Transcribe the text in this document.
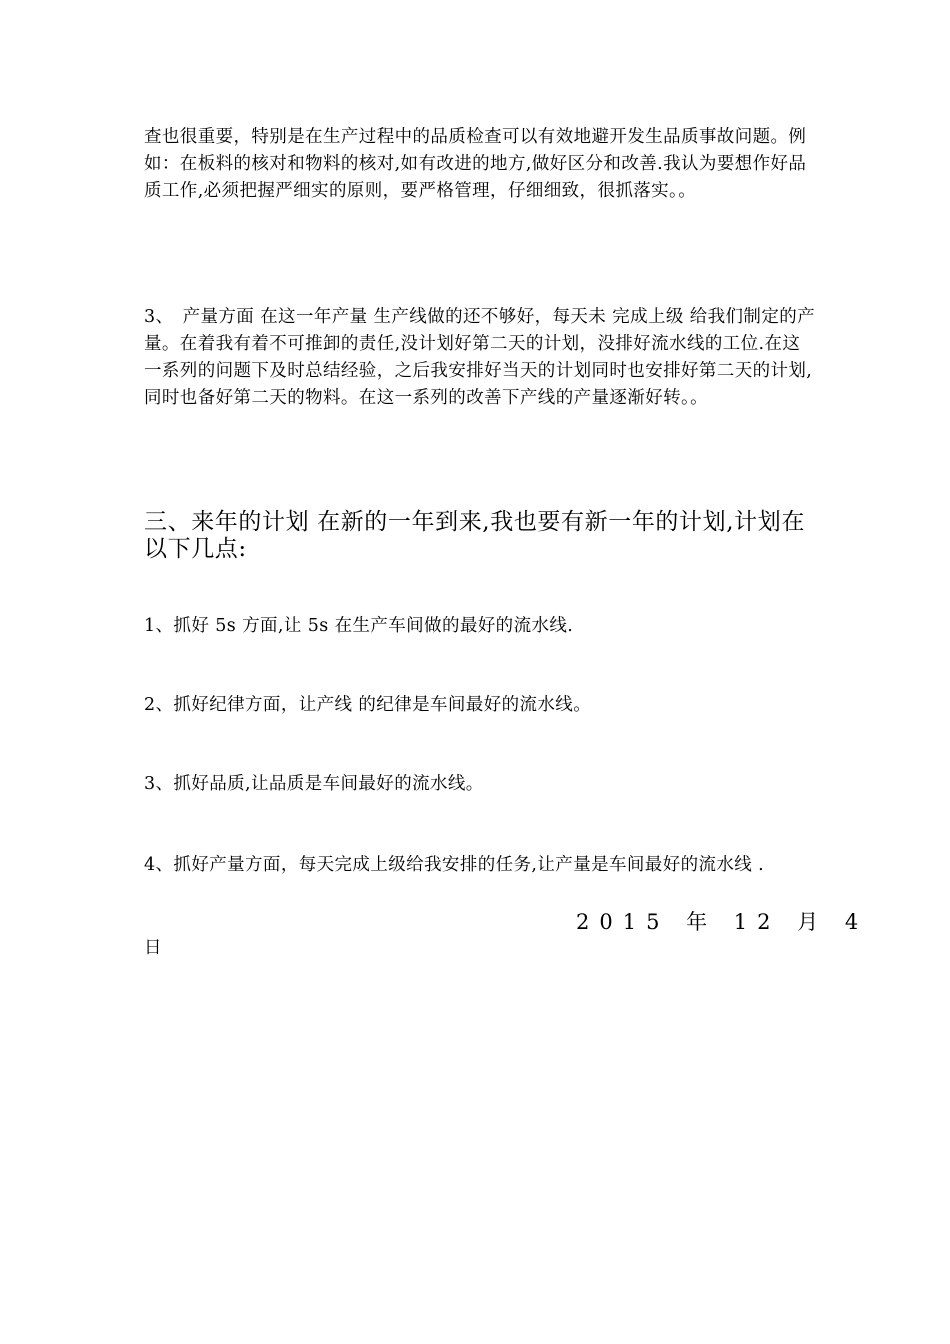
查也很重要，特别是在生产过程中的品质检查可以有效地避开发生品质事故问题。例如：在板料的核对和物料的核对,如有改进的地方,做好区分和改善.我认为要想作好品质工作,必须把握严细实的原则，要严格管理，仔细细致，很抓落实。。

3、　产量方面 在这一年产量 生产线做的还不够好，每天未 完成上级 给我们制定的产量。在着我有着不可推卸的责任,没计划好第二天的计划，没排好流水线的工位.在这一系列的问题下及时总结经验，之后我安排好当天的计划同时也安排好第二天的计划,同时也备好第二天的物料。在这一系列的改善下产线的产量逐渐好转。。

三、来年的计划 在新的一年到来,我也要有新一年的计划,计划在以下几点:

1、抓好 5s 方面,让 5s 在生产车间做的最好的流水线.

2、抓好纪律方面，让产线 的纪律是车间最好的流水线。

3、抓好品质,让品质是车间最好的流水线。

4、抓好产量方面，每天完成上级给我安排的任务,让产量是车间最好的流水线 .

2015 年 12 月 4

日
